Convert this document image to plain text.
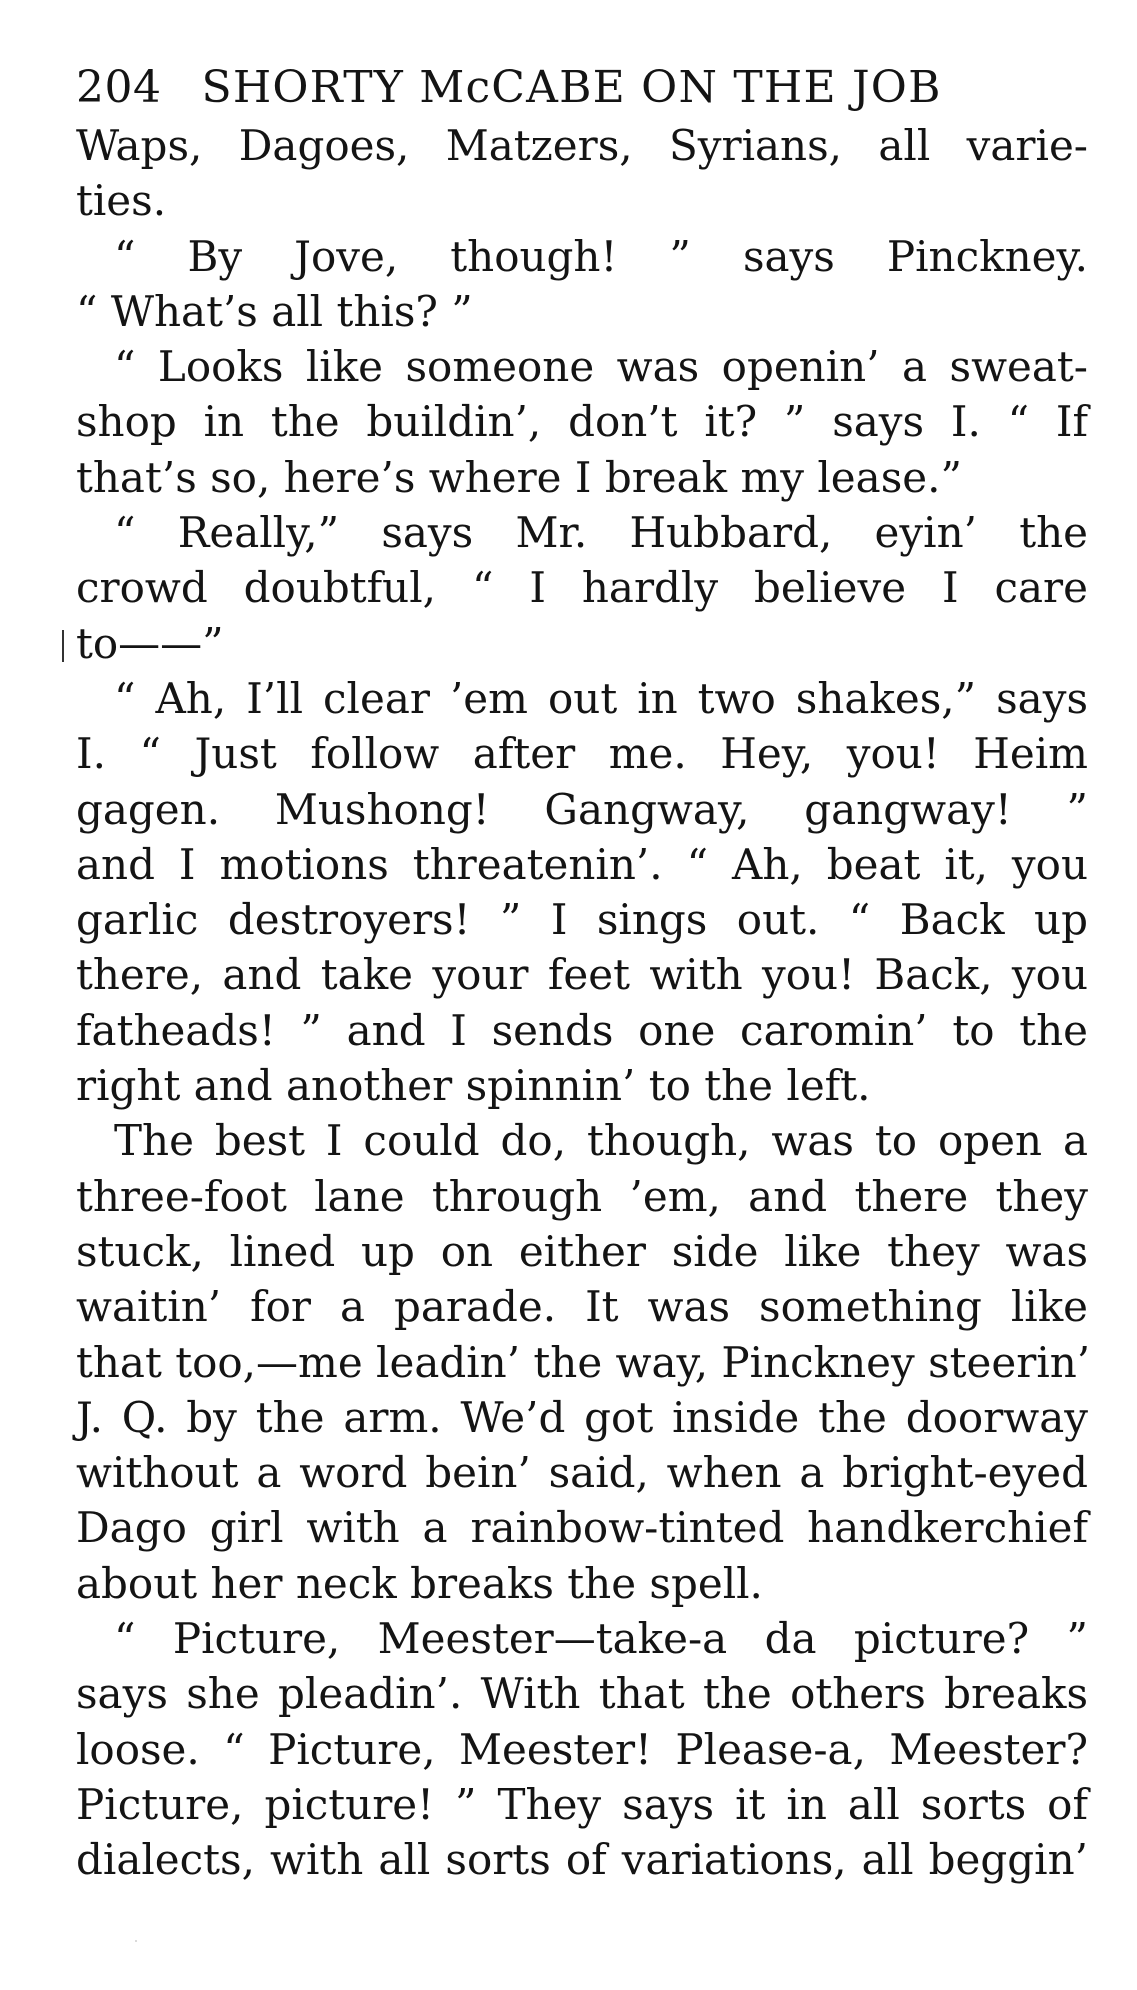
204 SHORTY McCABE ON THE JOB
Waps, Dagoes, Matzers, Syrians, all varie-
ties.
“ By Jove, though! ” says Pinckney.
“ What’s all this? ”
“ Looks like someone was openin’ a sweat-
shop in the buildin’, don’t it? ” says I. “ If
that’s so, here’s where I break my lease.”
“ Really,” says Mr. Hubbard, eyin’ the
crowd doubtful, “ I hardly believe I care
to——”
“ Ah, I’ll clear ’em out in two shakes,” says
I. “ Just follow after me. Hey, you! Heim
gagen. Mushong! Gangway, gangway! ”
and I motions threatenin’. “ Ah, beat it, you
garlic destroyers! ” I sings out. “ Back up
there, and take your feet with you! Back, you
fatheads! ” and I sends one caromin’ to the
right and another spinnin’ to the left.
The best I could do, though, was to open a
three-foot lane through ’em, and there they
stuck, lined up on either side like they was
waitin’ for a parade. It was something like
that too,—me leadin’ the way, Pinckney steerin’
J. Q. by the arm. We’d got inside the doorway
without a word bein’ said, when a bright-eyed
Dago girl with a rainbow-tinted handkerchief
about her neck breaks the spell.
“ Picture, Meester—take-a da picture? ”
says she pleadin’. With that the others breaks
loose. “ Picture, Meester! Please-a, Meester?
Picture, picture! ” They says it in all sorts of
dialects, with all sorts of variations, all beggin’
